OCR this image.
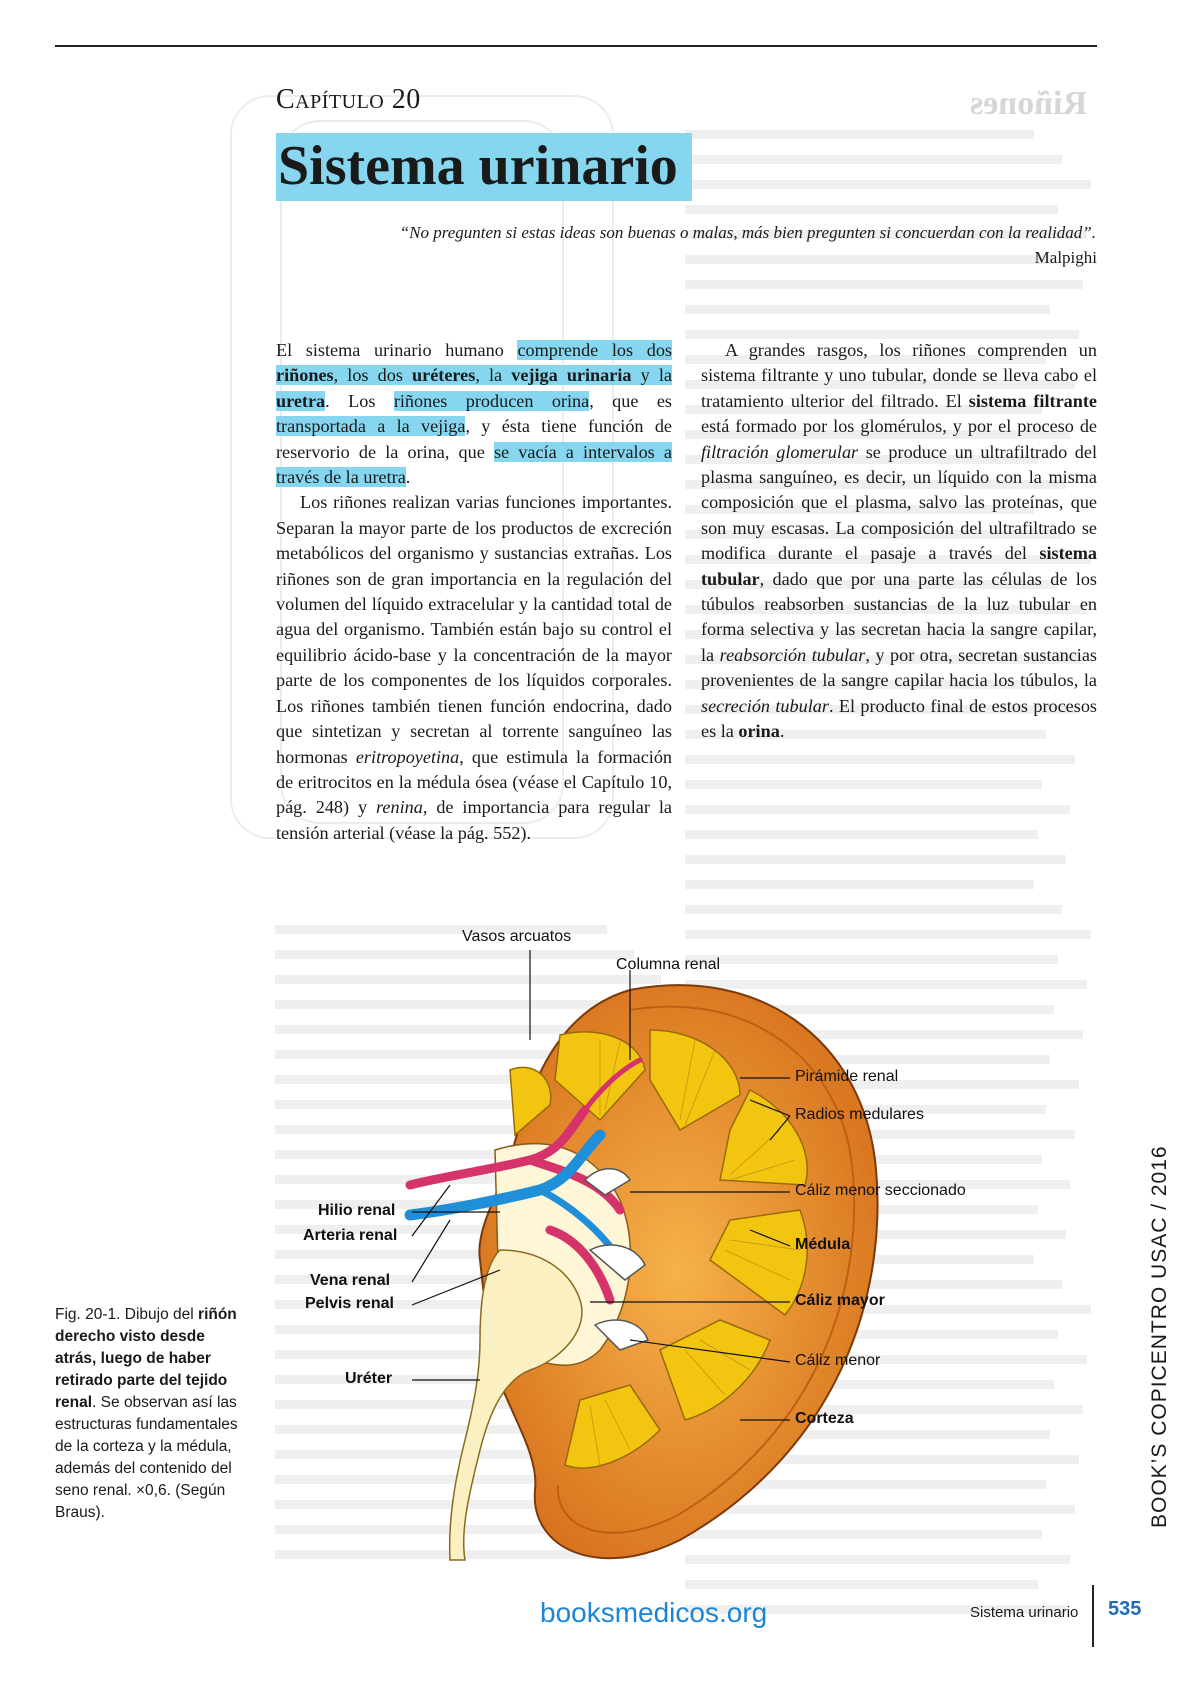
Riñones
Capítulo 20
Sistema urinario
“No pregunten si estas ideas son buenas o malas, más bien pregunten si concuerdan con la realidad”.
Malpighi

El sistema urinario humano comprende los dos riñones, los dos uréteres, la vejiga urinaria y la uretra. Los riñones producen orina, que es transportada a la vejiga, y ésta tiene función de reservorio de la orina, que se vacía a intervalos a través de la uretra.

Los riñones realizan varias funciones importantes. Separan la mayor parte de los productos de excreción metabólicos del organismo y sustancias extrañas. Los riñones son de gran importancia en la regulación del volumen del líquido extracelular y la cantidad total de agua del organismo. También están bajo su control el equilibrio ácido-base y la concentración de la mayor parte de los componentes de los líquidos corporales. Los riñones también tienen función endocrina, dado que sintetizan y secretan al torrente sanguíneo las hormonas eritropoyetina, que estimula la formación de eritrocitos en la médula ósea (véase el Capítulo 10, pág. 248) y renina, de importancia para regular la tensión arterial (véase la pág. 552).

A grandes rasgos, los riñones comprenden un sistema filtrante y uno tubular, donde se lleva cabo el tratamiento ulterior del filtrado. El sistema filtrante está formado por los glomérulos, y por el proceso de filtración glomerular se produce un ultrafiltrado del plasma sanguíneo, es decir, un líquido con la misma composición que el plasma, salvo las proteínas, que son muy escasas. La composición del ultrafiltrado se modifica durante el pasaje a través del sistema tubular, dado que por una parte las células de los túbulos reabsorben sustancias de la luz tubular en forma selectiva y las secretan hacia la sangre capilar, la reabsorción tubular, y por otra, secretan sustancias provenientes de la sangre capilar hacia los túbulos, la secreción tubular. El producto final de estos procesos es la orina.

Vasos arcuatos
Columna renal
Pirámide renal
Radios medulares
Cáliz menor seccionado
Hilio renal
Arteria renal
Médula
Vena renal
Pelvis renal	Cáliz mayor
Uréter
Cáliz menor
Corteza
Fig. 20-1. Dibujo del riñón derecho visto desde atrás, luego de haber retirado parte del tejido renal. Se observan así las estructuras fundamentales de la corteza y la médula, además del contenido del seno renal. ×0,6. (Según Braus).	BOOK’S COPICENTRO USAC / 2016
booksmedicos.org	Sistema urinario 535
